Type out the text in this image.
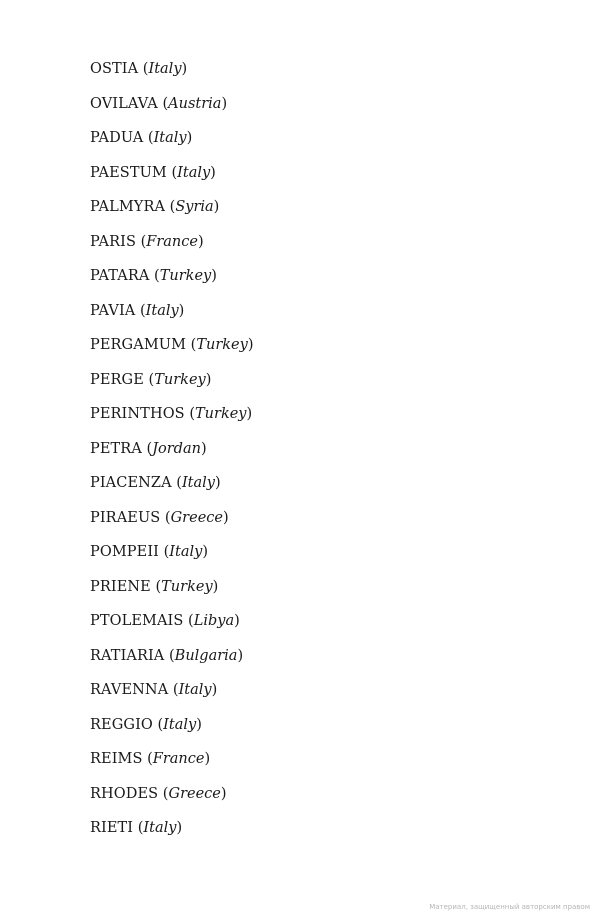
OSTIA (Italy)
OVILAVA (Austria)
PADUA (Italy)
PAESTUM (Italy)
PALMYRA (Syria)
PARIS (France)
PATARA (Turkey)
PAVIA (Italy)
PERGAMUM (Turkey)
PERGE (Turkey)
PERINTHOS (Turkey)
PETRA (Jordan)
PIACENZA (Italy)
PIRAEUS (Greece)
POMPEII (Italy)
PRIENE (Turkey)
PTOLEMAIS (Libya)
RATIARIA (Bulgaria)
RAVENNA (Italy)
REGGIO (Italy)
REIMS (France)
RHODES (Greece)
RIETI (Italy)
Материал, защищенный авторским правом
